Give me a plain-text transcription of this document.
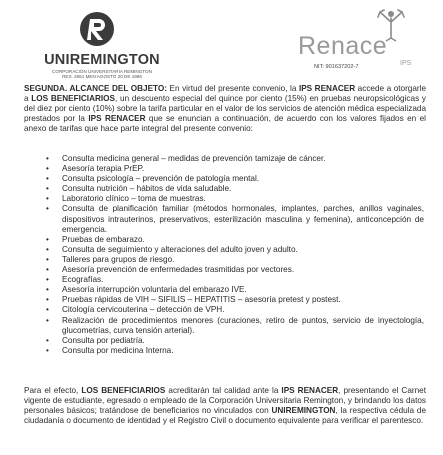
UNIREMINGTON
CORPORACIÓN UNIVERSITARIA REMINGTON
RES. 2661 MEN AGOSTO 20 DE 1996
Renace
IPS
NIT: 901637202-7
SEGUNDA. ALCANCE DEL OBJETO: En virtud del presente convenio, la IPS RENACER accede a otorgarle a LOS BENEFICIARIOS, un descuento especial del quince por ciento (15%) en pruebas neuropsicológicas y del diez por ciento (10%) sobre la tarifa particular en el valor de los servicios de atención médica especializada prestados por la IPS RENACER que se enuncian a continuación, de acuerdo con los valores fijados en el anexo de tarifas que hace parte integral del presente convenio:
• Consulta medicina general – medidas de prevención tamizaje de cáncer.
• Asesoría terapia PrEP.
• Consulta psicología – prevención de patología mental.
• Consulta nutrición – hábitos de vida saludable.
• Laboratorio clínico – toma de muestras.
• Consulta de planificación familiar (métodos hormonales, implantes, parches, anillos vaginales, dispositivos intrauterinos, preservativos, esterilización masculina y femenina), anticoncepción de emergencia.
• Pruebas de embarazo.
• Consulta de seguimiento y alteraciones del adulto joven y adulto.
• Talleres para grupos de riesgo.
• Asesoría prevención de enfermedades trasmitidas por vectores.
• Ecografías.
• Asesoría interrupción voluntaria del embarazo IVE.
• Pruebas rápidas de VIH – SIFILIS – HEPATITIS – asesoría pretest y postest.
• Citología cervicouterina – detección de VPH.
• Realización de procedimientos menores (curaciones, retiro de puntos, servicio de inyectología, glucometrías, curva tensión arterial).
• Consulta por pediatría.
• Consulta por medicina Interna.
Para el efecto, LOS BENEFICIARIOS acreditarán tal calidad ante la IPS RENACER, presentando el Carnet vigente de estudiante, egresado o empleado de la Corporación Universitaria Remington, y brindando los datos personales básicos; tratándose de beneficiarios no vinculados con UNIREMINGTON, la respectiva cédula de ciudadanía o documento de identidad y el Registro Civil o documento equivalente para verificar el parentesco.
